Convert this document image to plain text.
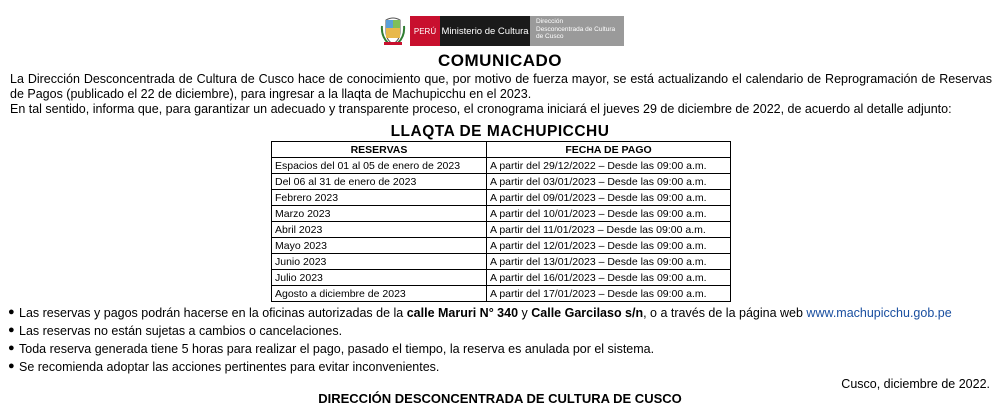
PERÚ Ministerio de Cultura
Dirección
Desconcentrada de Cultura
de Cusco
COMUNICADO

La Dirección Desconcentrada de Cultura de Cusco hace de conocimiento que, por motivo de fuerza mayor, se está actualizando el calendario de Reprogramación de Reservas de Pagos (publicado el 22 de diciembre), para ingresar a la llaqta de Machupicchu en el 2023.

En tal sentido, informa que, para garantizar un adecuado y transparente proceso, el cronograma iniciará el jueves 29 de diciembre de 2022, de acuerdo al detalle adjunto:

LLAQTA DE MACHUPICCHU
RESERVAS	FECHA DE PAGO
Espacios del 01 al 05 de enero de 2023	A partir del 29/12/2022 – Desde las 09:00 a.m.
Del 06 al 31 de enero de 2023	A partir del 03/01/2023 – Desde las 09:00 a.m.
Febrero 2023	A partir del 09/01/2023 – Desde las 09:00 a.m.
Marzo 2023	A partir del 10/01/2023 – Desde las 09:00 a.m.
Abril 2023	A partir del 11/01/2023 – Desde las 09:00 a.m.
Mayo 2023	A partir del 12/01/2023 – Desde las 09:00 a.m.
Junio 2023	A partir del 13/01/2023 – Desde las 09:00 a.m.
Julio 2023	A partir del 16/01/2023 – Desde las 09:00 a.m.
Agosto a diciembre de 2023	A partir del 17/01/2023 – Desde las 09:00 a.m.
● Las reservas y pagos podrán hacerse en la oficinas autorizadas de la calle Maruri N° 340 y Calle Garcilaso s/n, o a través de la página web www.machupicchu.gob.pe
● Las reservas no están sujetas a cambios o cancelaciones.
● Toda reserva generada tiene 5 horas para realizar el pago, pasado el tiempo, la reserva es anulada por el sistema.
● Se recomienda adoptar las acciones pertinentes para evitar inconvenientes.
Cusco, diciembre de 2022.
DIRECCIÓN DESCONCENTRADA DE CULTURA DE CUSCO
